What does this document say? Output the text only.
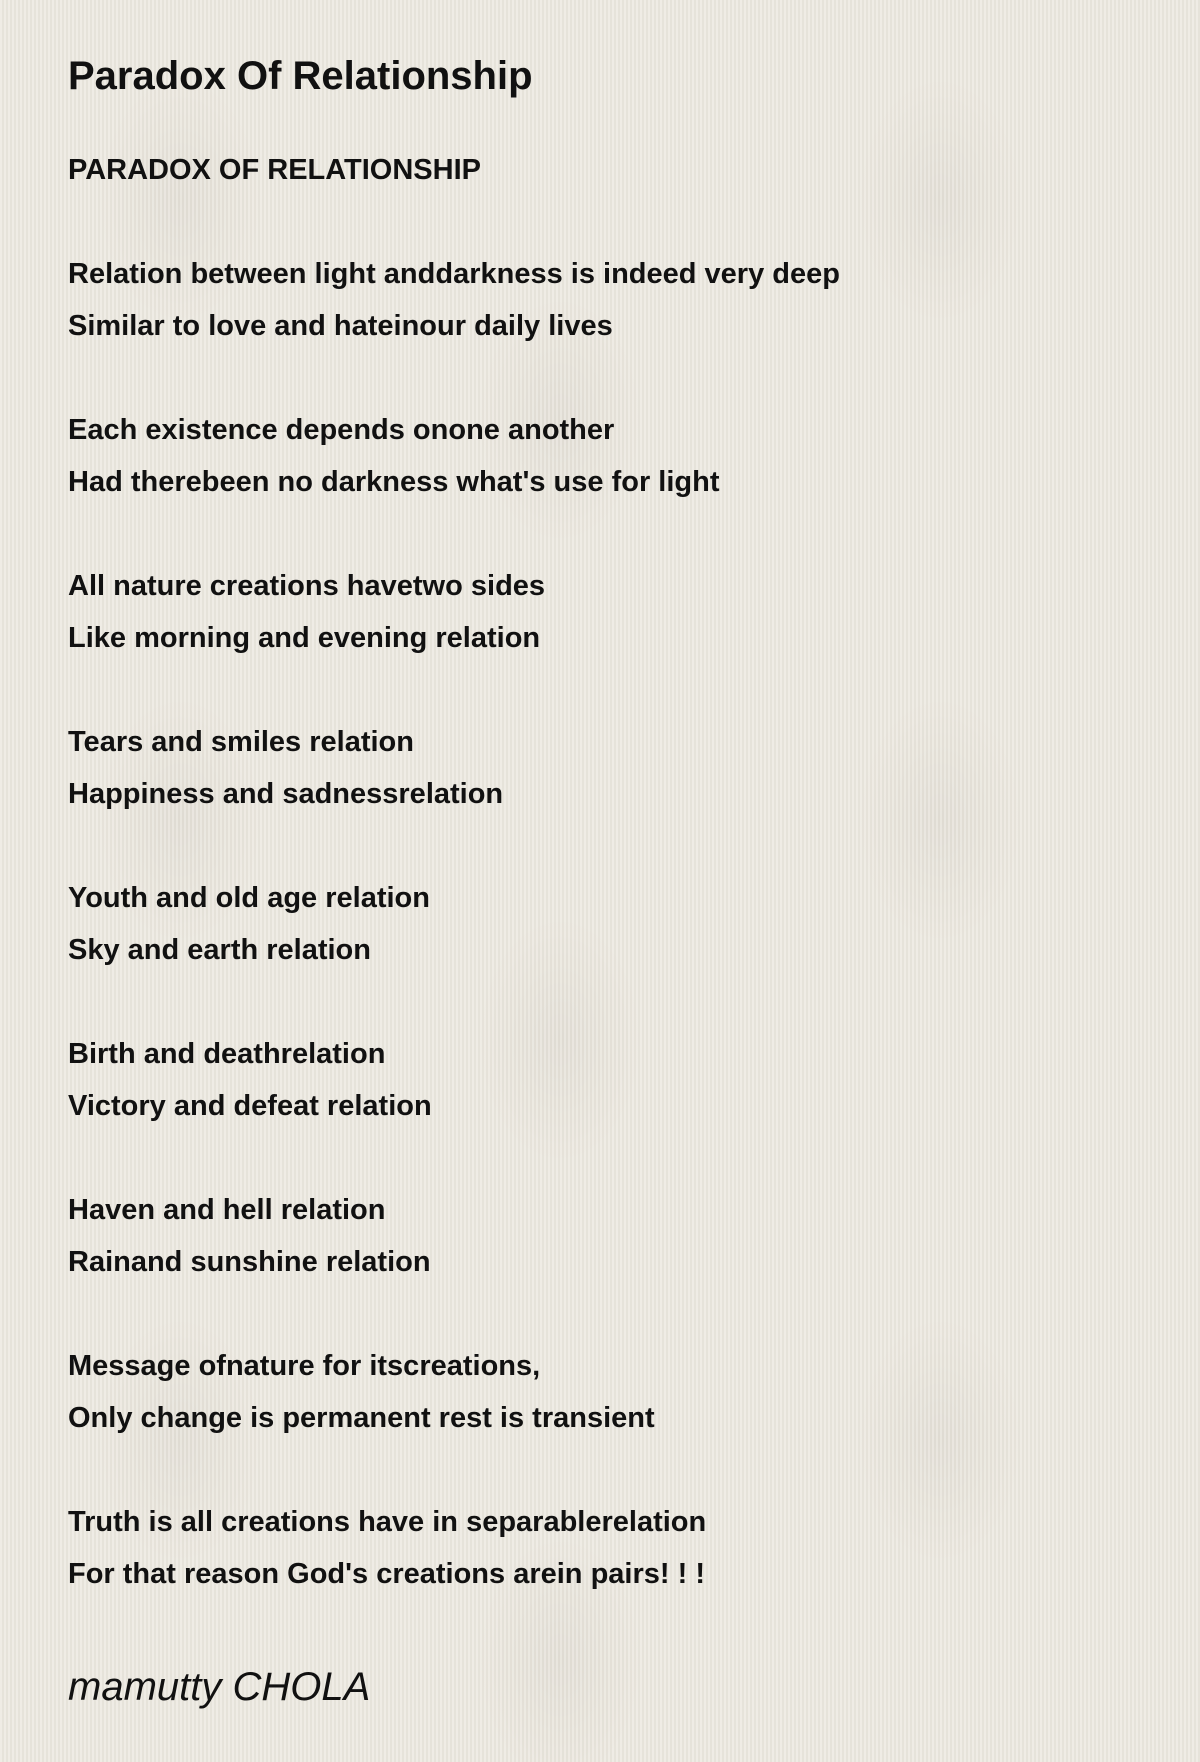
Paradox Of Relationship
PARADOX OF RELATIONSHIP
Relation between light anddarkness is indeed very deep
Similar to love and hateinour daily lives
Each existence depends onone another
Had therebeen no darkness what's use for light
All nature creations havetwo sides
Like morning and evening relation
Tears and smiles relation
Happiness and sadnessrelation
Youth and old age relation
Sky and earth relation
Birth and deathrelation
Victory and defeat relation
Haven and hell relation
Rainand sunshine relation
Message ofnature for itscreations,
Only change is permanent rest is transient
Truth is all creations have in separablerelation
For that reason God's creations arein pairs! ! !
mamutty CHOLA
